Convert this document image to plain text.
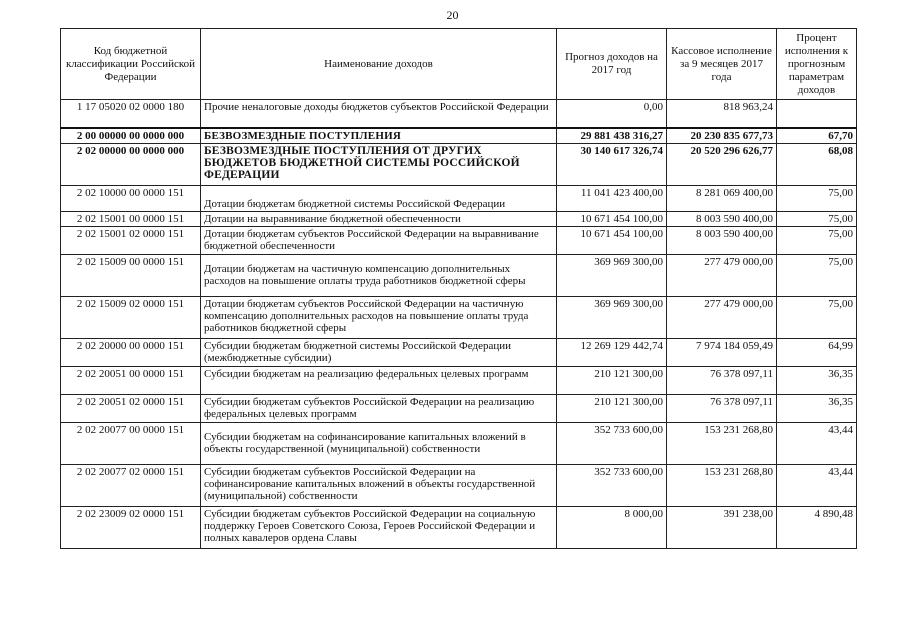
20
Код бюджетной классификации Российской Федерации	Наименование доходов	Прогноз доходов на 2017 год	Кассовое исполнение за 9 месяцев 2017 года	Процент исполнения к прогнозным параметрам доходов
1 17 05020 02 0000 180	Прочие неналоговые доходы бюджетов субъектов Российской Федерации	0,00	818 963,24	
2 00 00000 00 0000 000	БЕЗВОЗМЕЗДНЫЕ ПОСТУПЛЕНИЯ	29 881 438 316,27	20 230 835 677,73	67,70
2 02 00000 00 0000 000	БЕЗВОЗМЕЗДНЫЕ ПОСТУПЛЕНИЯ ОТ ДРУГИХ БЮДЖЕТОВ БЮДЖЕТНОЙ СИСТЕМЫ РОССИЙСКОЙ ФЕДЕРАЦИИ	30 140 617 326,74	20 520 296 626,77	68,08
2 02 10000 00 0000 151	Дотации бюджетам бюджетной системы Российской Федерации	11 041 423 400,00	8 281 069 400,00	75,00
2 02 15001 00 0000 151	Дотации на выравнивание бюджетной обеспеченности	10 671 454 100,00	8 003 590 400,00	75,00
2 02 15001 02 0000 151	Дотации бюджетам субъектов Российской Федерации на выравнивание бюджетной обеспеченности	10 671 454 100,00	8 003 590 400,00	75,00
2 02 15009 00 0000 151	Дотации бюджетам на частичную компенсацию дополнительных расходов на повышение оплаты труда работников бюджетной сферы	369 969 300,00	277 479 000,00	75,00
2 02 15009 02 0000 151	Дотации бюджетам субъектов Российской Федерации на частичную компенсацию дополнительных расходов на повышение оплаты труда работников бюджетной сферы	369 969 300,00	277 479 000,00	75,00
2 02 20000 00 0000 151	Субсидии бюджетам бюджетной системы Российской Федерации (межбюджетные субсидии)	12 269 129 442,74	7 974 184 059,49	64,99
2 02 20051 00 0000 151	Субсидии бюджетам на реализацию федеральных целевых программ	210 121 300,00	76 378 097,11	36,35
2 02 20051 02 0000 151	Субсидии бюджетам субъектов Российской Федерации на реализацию федеральных целевых программ	210 121 300,00	76 378 097,11	36,35
2 02 20077 00 0000 151	Субсидии бюджетам на софинансирование капитальных вложений в объекты государственной (муниципальной) собственности	352 733 600,00	153 231 268,80	43,44
2 02 20077 02 0000 151	Субсидии бюджетам субъектов Российской Федерации на софинансирование капитальных вложений в объекты государственной (муниципальной) собственности	352 733 600,00	153 231 268,80	43,44
2 02 23009 02 0000 151	Субсидии бюджетам субъектов Российской Федерации на социальную поддержку Героев Советского Союза, Героев Российской Федерации и полных кавалеров ордена Славы	8 000,00	391 238,00	4 890,48
